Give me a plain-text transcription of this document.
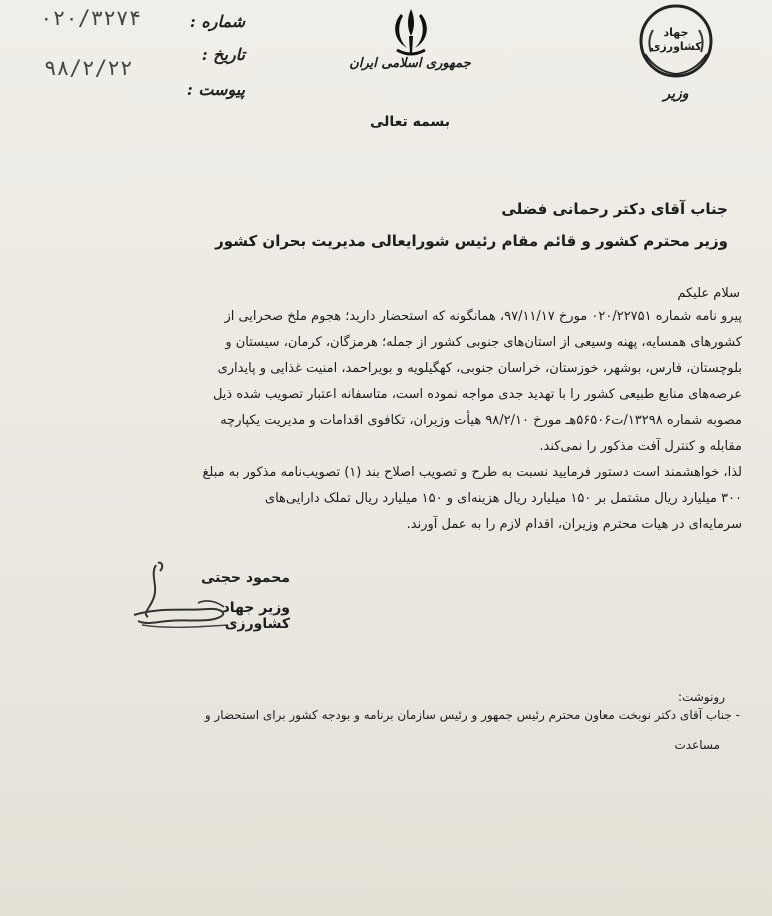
۰۲۰/۳۲۷۴
۹۸/۲/۲۲
شماره :
تاریخ :
پیوست :
جمهوری اسلامی ایران
جهاد کشاورزی
وزیر
بسمه تعالی
جناب آقای دکتر رحمانی فضلی
وزیر محترم کشور و قائم مقام رئیس شورایعالی مدیریت بحران کشور
سلام علیکم

پیرو نامه شماره ۰۲۰/۲۲۷۵۱ مورخ ۹۷/۱۱/۱۷، همانگونه که استحضار دارید؛ هجوم ملخ صحرایی از

کشورهای همسایه، پهنه وسیعی از استان‌های جنوبی کشور از جمله؛ هرمزگان، کرمان، سیستان و

بلوچستان، فارس، بوشهر، خوزستان، خراسان جنوبی، کهگیلویه و بویراحمد، امنیت غذایی و پایداری

عرصه‌های منابع طبیعی کشور را با تهدید جدی مواجه نموده است، متاسفانه اعتبار تصویب شده ذیل

مصوبه شماره ۱۳۲۹۸/ت۵۶۵۰۶هـ مورخ ۹۸/۲/۱۰ هیأت وزیران، تکافوی اقدامات و مدیریت یکپارچه

مقابله و کنترل آفت مذکور را نمی‌کند.

لذا، خواهشمند است دستور فرمایید نسبت به طرح و تصویب اصلاح بند (۱) تصویب‌نامه مذکور به مبلغ

۳۰۰ میلیارد ریال مشتمل بر ۱۵۰ میلیارد ریال هزینه‌ای و ۱۵۰ میلیارد ریال تملک دارایی‌های

سرمایه‌ای در هیات محترم وزیران، اقدام لازم را به عمل آورند.

محمود حجتی
وزیر جهاد کشاورزی
رونوشت:
- جناب آقای دکتر نوبخت معاون محترم رئیس جمهور و رئیس سازمان برنامه و بودجه کشور برای استحضار و
مساعدت
